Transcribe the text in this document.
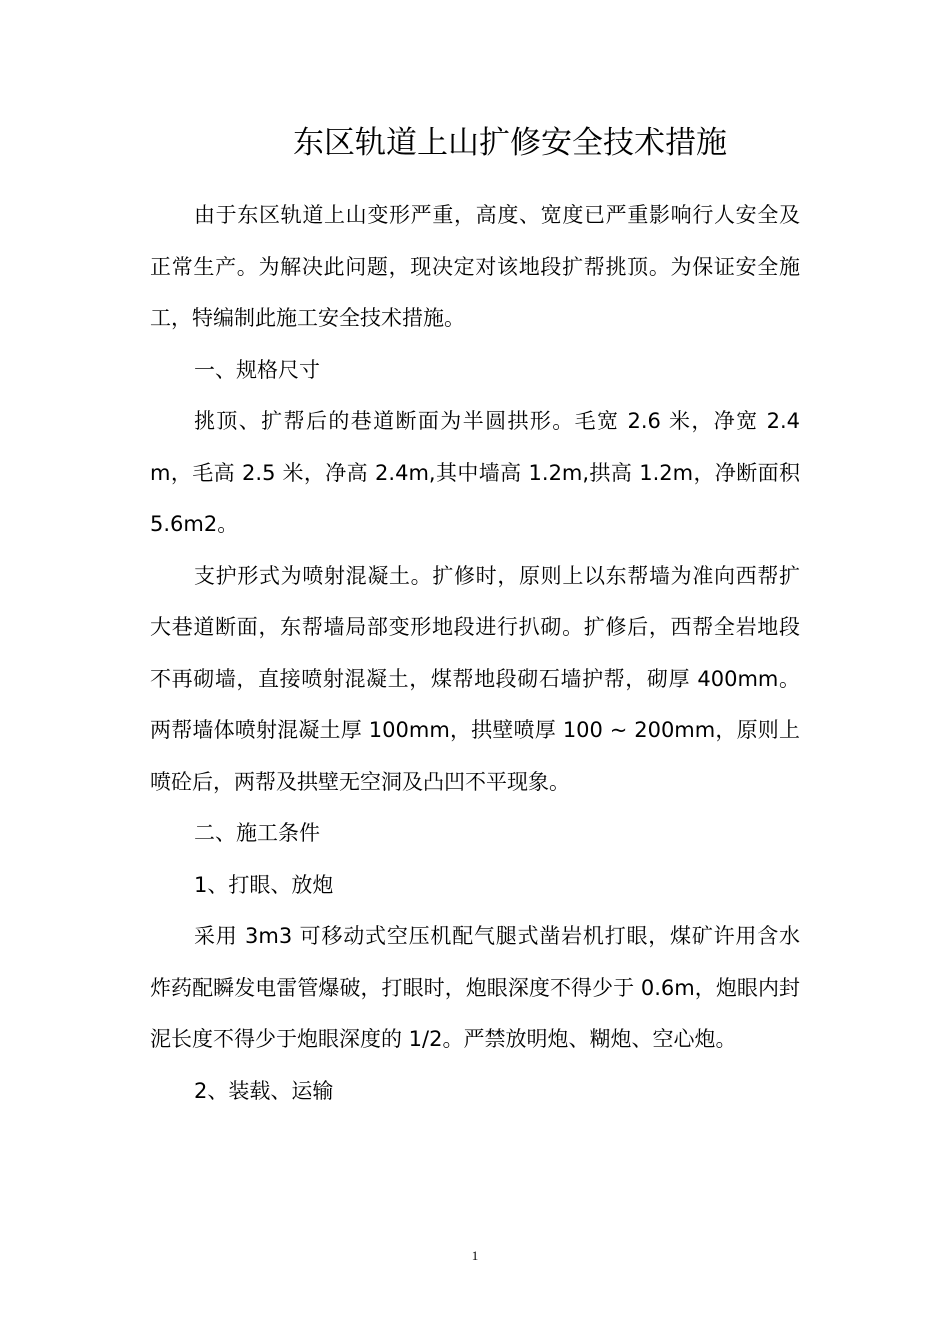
东区轨道上山扩修安全技术措施

由于东区轨道上山变形严重，高度、宽度已严重影响行人安全及正常生产。为解决此问题，现决定对该地段扩帮挑顶。为保证安全施工，特编制此施工安全技术措施。

一、规格尺寸

挑顶、扩帮后的巷道断面为半圆拱形。毛宽 2.6 米，净宽 2.4m，毛高 2.5 米，净高 2.4m,其中墙高 1.2m,拱高 1.2m，净断面积 5.6m2。

支护形式为喷射混凝土。扩修时，原则上以东帮墙为准向西帮扩大巷道断面，东帮墙局部变形地段进行扒砌。扩修后，西帮全岩地段不再砌墙，直接喷射混凝土，煤帮地段砌石墙护帮，砌厚 400mm。两帮墙体喷射混凝土厚 100mm，拱壁喷厚 100 ~ 200mm，原则上喷砼后，两帮及拱壁无空洞及凸凹不平现象。

二、施工条件

1、打眼、放炮

采用 3m3 可移动式空压机配气腿式凿岩机打眼，煤矿许用含水炸药配瞬发电雷管爆破，打眼时，炮眼深度不得少于 0.6m，炮眼内封泥长度不得少于炮眼深度的 1/2。严禁放明炮、糊炮、空心炮。

2、装载、运输

1
